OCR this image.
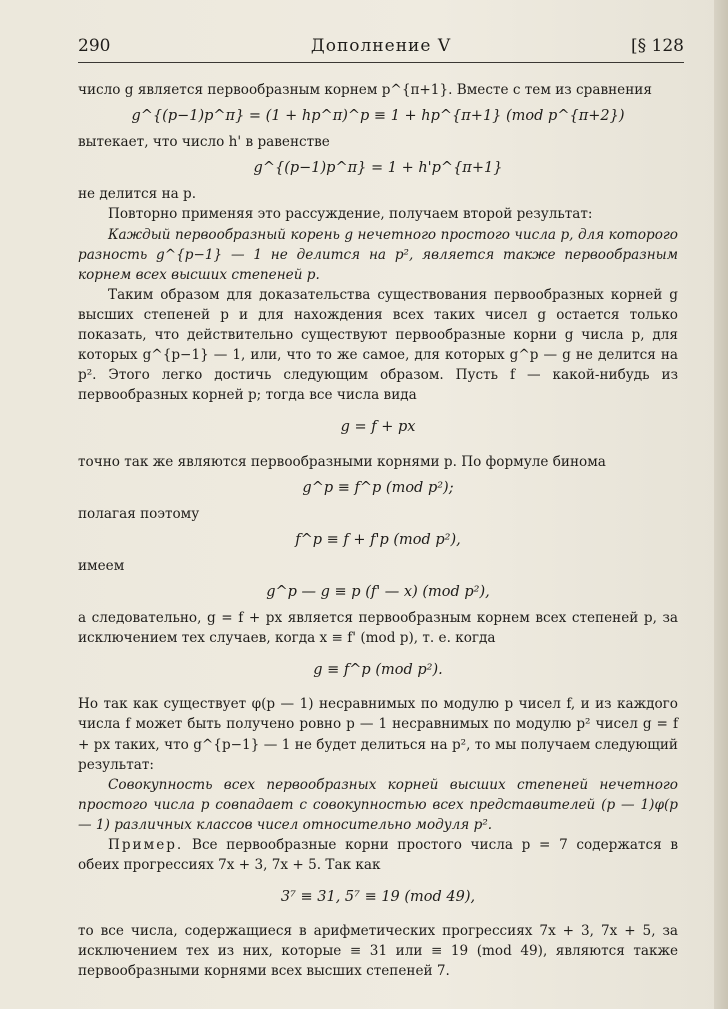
290	Дополнение V	[§ 128

число g является первообразным корнем p^{π+1}. Вместе с тем из сравнения

g^{(p−1)p^π} = (1 + hp^π)^p ≡ 1 + hp^{π+1} (mod p^{π+2})

вытекает, что число h' в равенстве

g^{(p−1)p^π} = 1 + h'p^{π+1}

не делится на p.

Повторно применяя это рассуждение, получаем второй результат:

Каждый первообразный корень g нечетного простого числа p, для которого разность g^{p−1} — 1 не делится на p², является также первообразным корнем всех высших степеней p.

Таким образом для доказательства существования первообразных корней g высших степеней p и для нахождения всех таких чисел g остается только показать, что действительно существуют первообразные корни g числа p, для которых g^{p−1} — 1, или, что то же самое, для которых g^p — g не делится на p². Этого легко достичь следующим образом. Пусть f — какой-нибудь из первообразных корней p; тогда все числа вида

g = f + px

точно так же являются первообразными корнями p. По формуле бинома

g^p ≡ f^p (mod p²);

полагая поэтому

f^p ≡ f + f'p (mod p²),

имеем

g^p — g ≡ p (f' — x) (mod p²),

а следовательно, g = f + px является первообразным корнем всех степеней p, за исключением тех случаев, когда x ≡ f' (mod p), т. е. когда

g ≡ f^p (mod p²).

Но так как существует φ(p — 1) несравнимых по модулю p чисел f, и из каждого числа f может быть получено ровно p — 1 несравнимых по модулю p² чисел g = f + px таких, что g^{p−1} — 1 не будет делиться на p², то мы получаем следующий результат:

Совокупность всех первообразных корней высших степеней нечетного простого числа p совпадает с совокупностью всех представителей (p — 1)φ(p — 1) различных классов чисел относительно модуля p².

Пример. Все первообразные корни простого числа p = 7 содержатся в обеих прогрессиях 7x + 3, 7x + 5. Так как

3⁷ ≡ 31, 5⁷ ≡ 19 (mod 49),

то все числа, содержащиеся в арифметических прогрессиях 7x + 3, 7x + 5, за исключением тех из них, которые ≡ 31 или ≡ 19 (mod 49), являются также первообразными корнями всех высших степеней 7.
